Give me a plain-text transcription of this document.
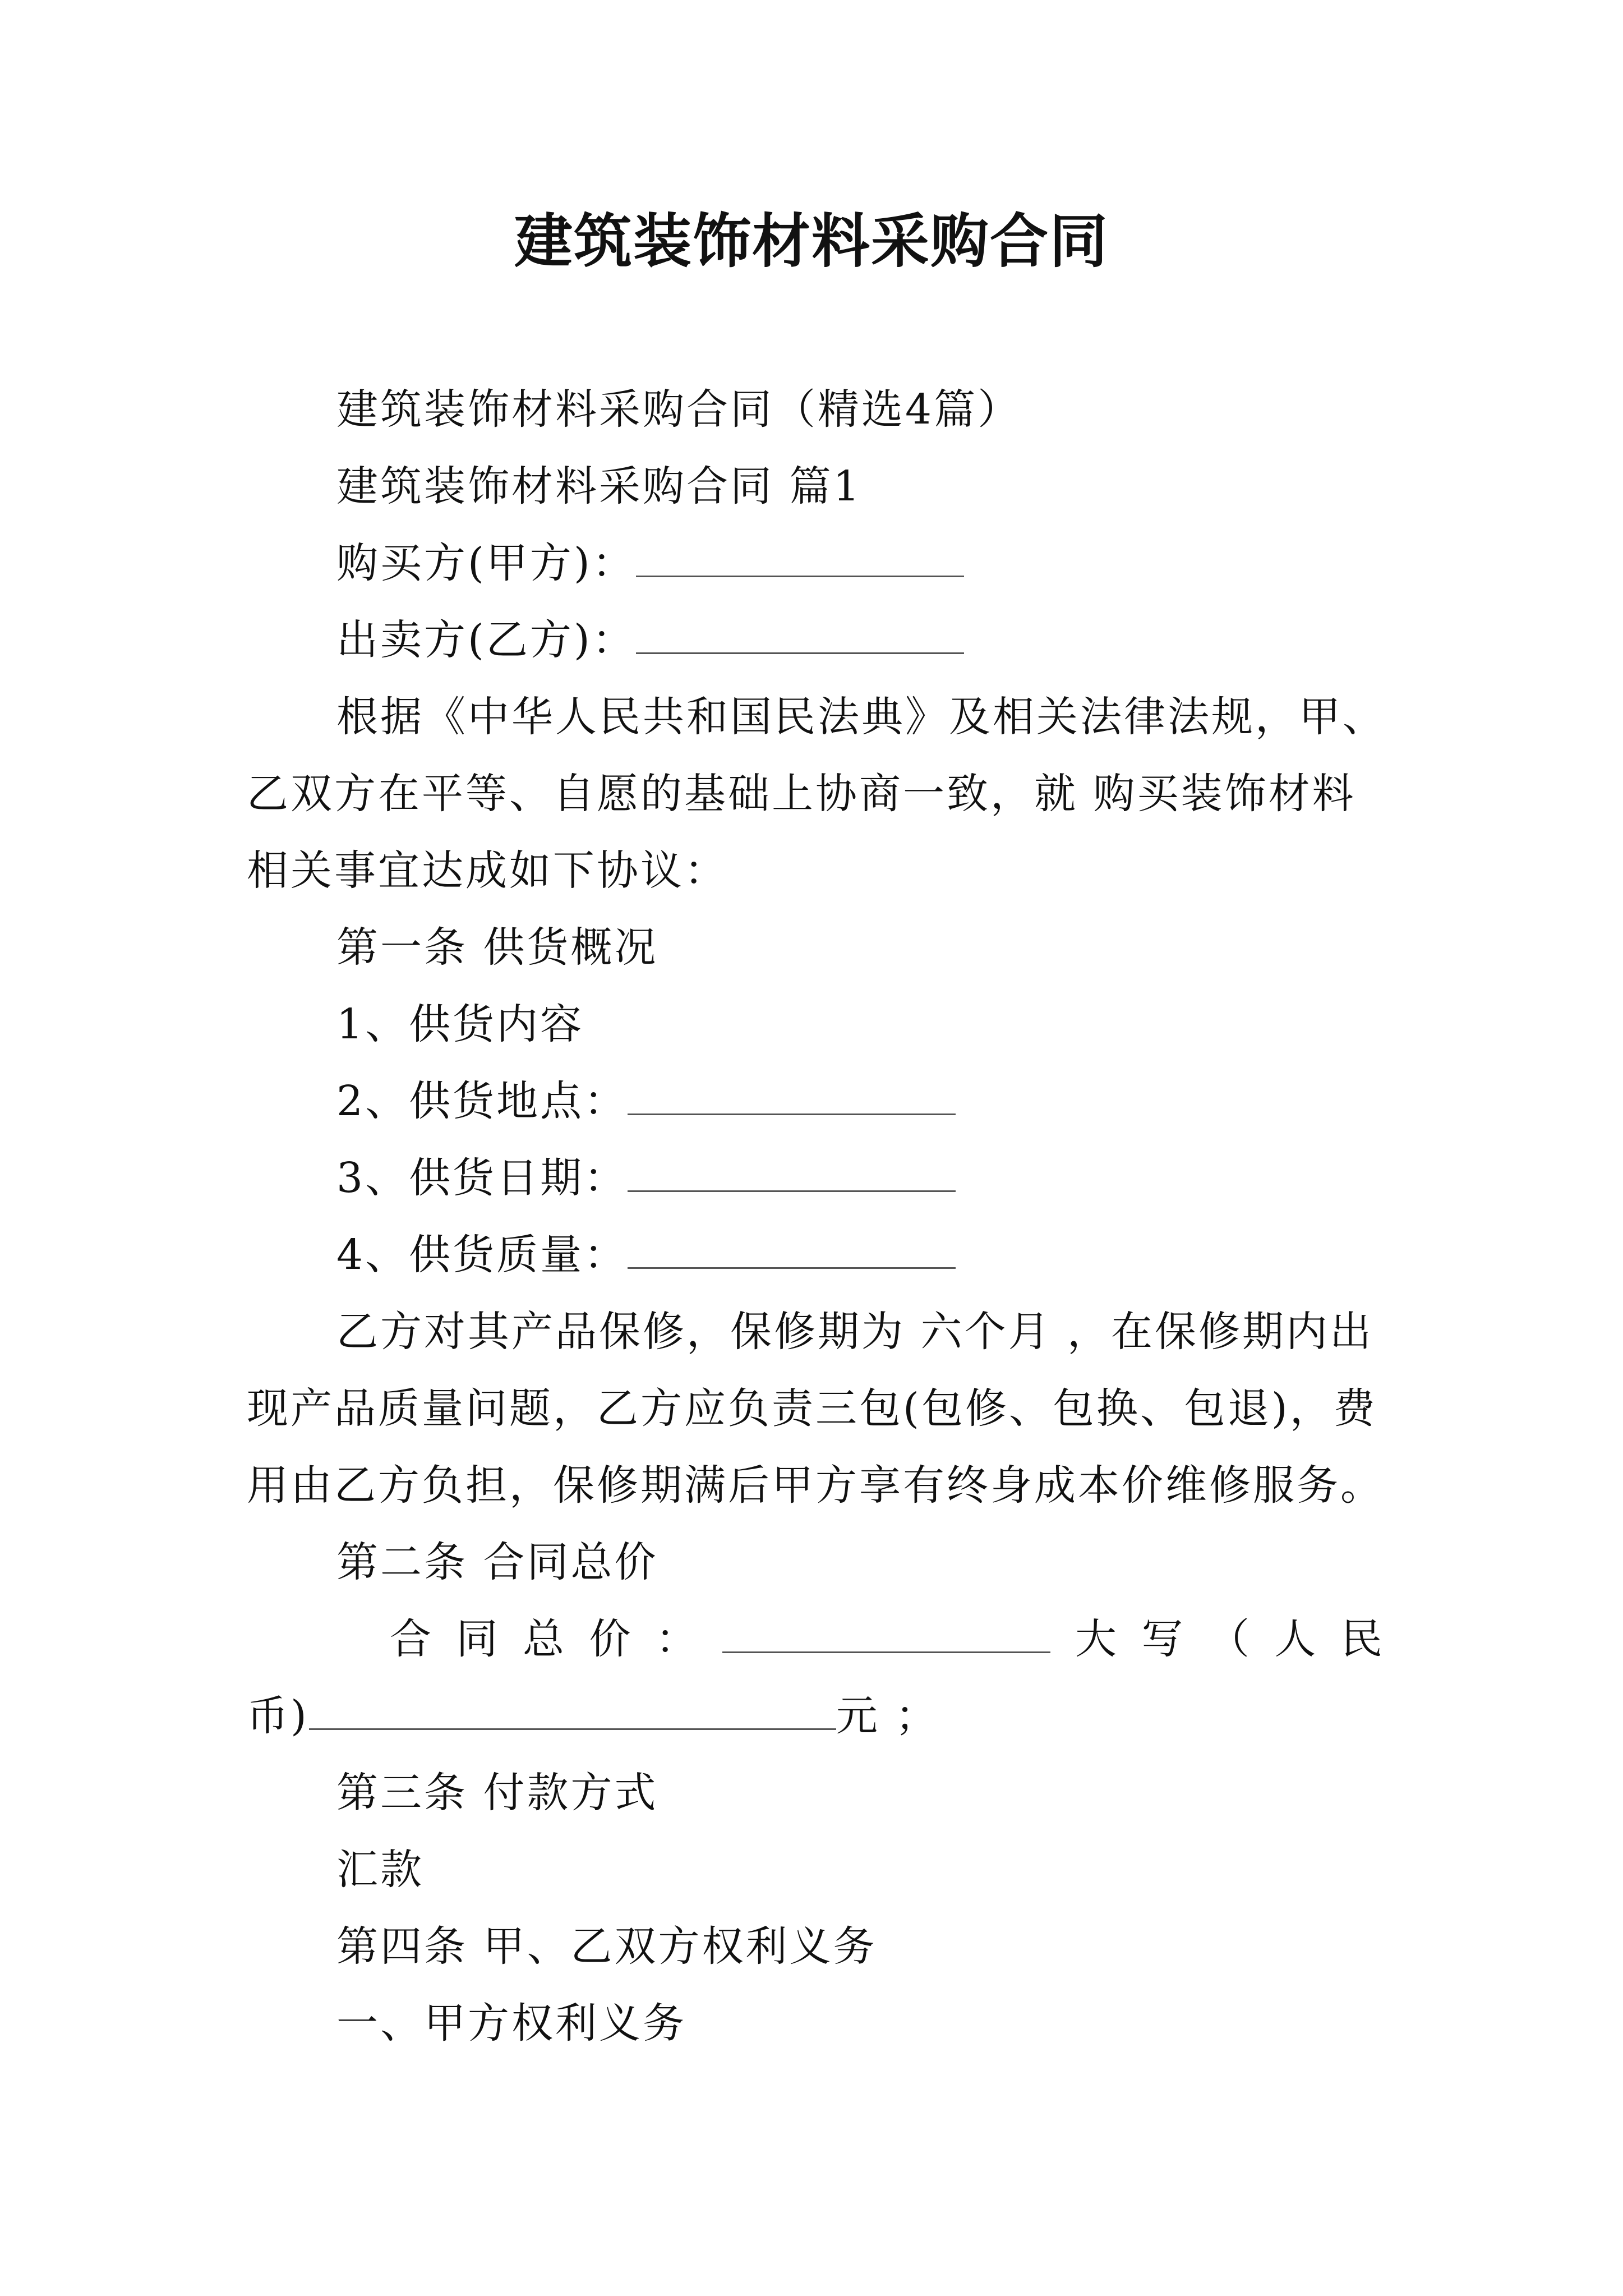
建筑装饰材料采购合同
建筑装饰材料采购合同（精选4篇）
建筑装饰材料采购合同 篇1
购买方(甲方)：
出卖方(乙方)：
根据《中华人民共和国民法典》及相关法律法规，甲、
乙双方在平等、自愿的基础上协商一致，就 购买装饰材料
相关事宜达成如下协议：
第一条 供货概况
1、供货内容
2、供货地点：
3、供货日期：
4、供货质量：
乙方对其产品保修，保修期为 六个月 ，在保修期内出
现产品质量问题，乙方应负责三包(包修、包换、包退)，费
用由乙方负担，保修期满后甲方享有终身成本价维修服务。
第二条 合同总价
合 同 总 价 ：	大 写 （ 人 民
币)	元 ；
第三条 付款方式
汇款
第四条 甲、乙双方权利义务
一、甲方权利义务
